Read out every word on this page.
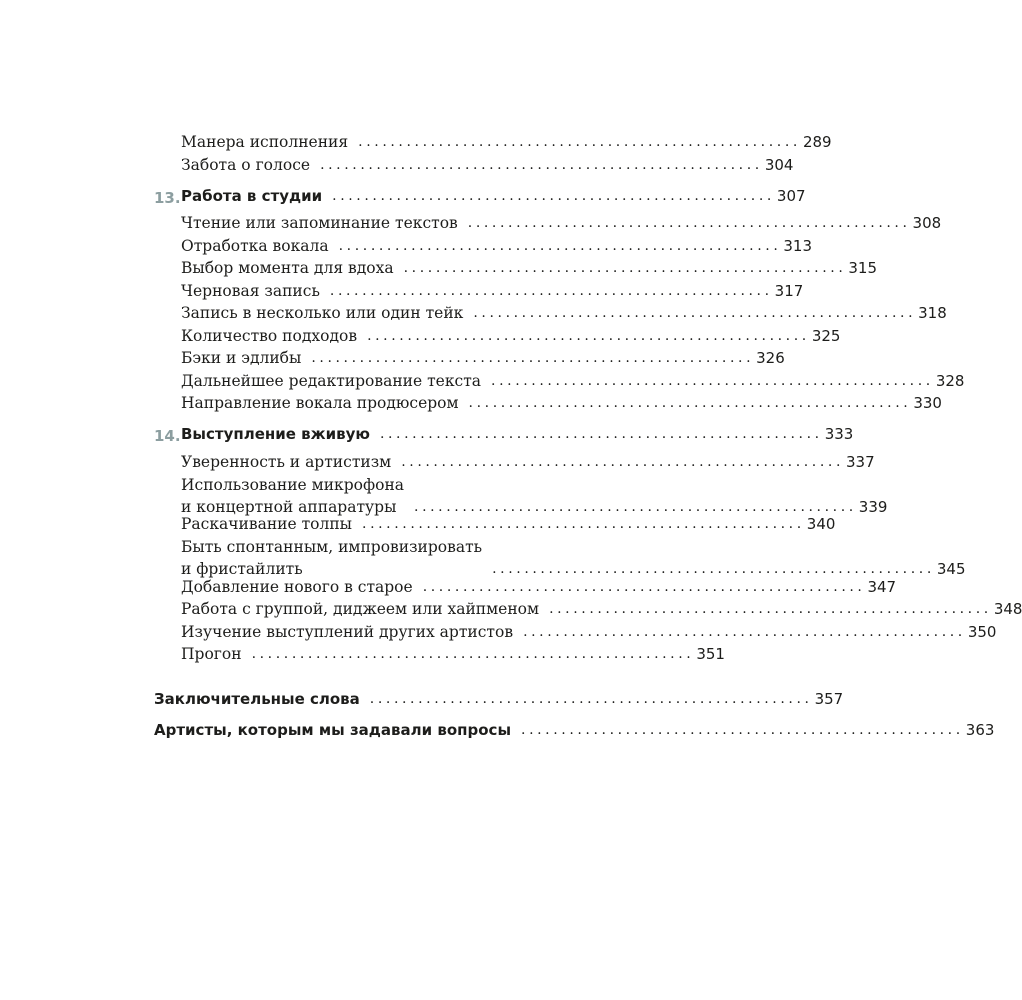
Манера исполнения ....................................................... 289
Забота о голосе ....................................................... 304
13. Работа в студии ....................................................... 307
Чтение или запоминание текстов ....................................................... 308
Отработка вокала ....................................................... 313
Выбор момента для вдоха ....................................................... 315
Черновая запись ....................................................... 317
Запись в несколько или один тейк ....................................................... 318
Количество подходов ....................................................... 325
Бэки и эдлибы ....................................................... 326
Дальнейшее редактирование текста ....................................................... 328
Направление вокала продюсером ....................................................... 330
14. Выступление вживую ....................................................... 333
Уверенность и артистизм ....................................................... 337
Использование микрофона
и концертной аппаратуры	....................................................... 339
Раскачивание толпы ....................................................... 340
Быть спонтанным, импровизировать
и фристайлить	....................................................... 345
Добавление нового в старое ....................................................... 347
Работа с группой, диджеем или хайпменом ....................................................... 348
Изучение выступлений других артистов ....................................................... 350
Прогон ....................................................... 351
Заключительные слова ....................................................... 357
Артисты, которым мы задавали вопросы ....................................................... 363
